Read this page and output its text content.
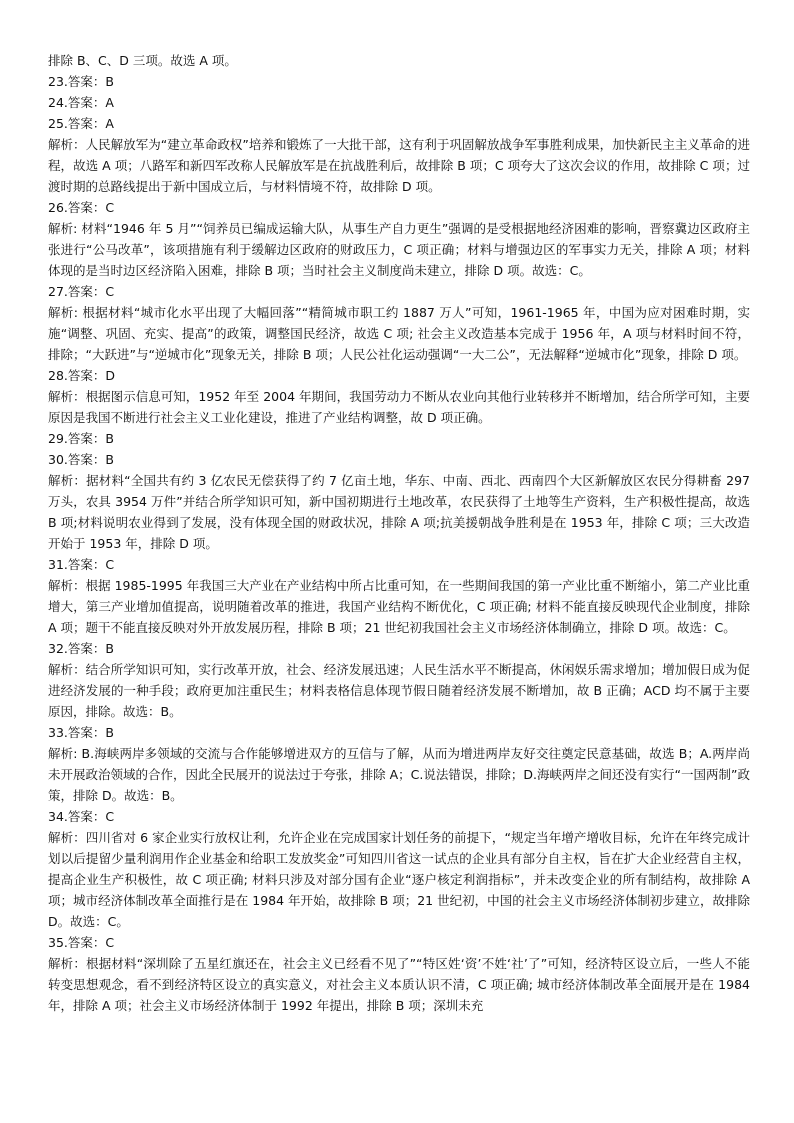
排除 B、C、D 三项。故选 A 项。

23.答案：B

24.答案：A

25.答案：A

解析：人民解放军为“建立革命政权”培养和锻炼了一大批干部，这有利于巩固解放战争军事胜利成果，加快新民主主义革命的进程，故选 A 项；八路军和新四军改称人民解放军是在抗战胜利后，故排除 B 项；C 项夸大了这次会议的作用，故排除 C 项；过渡时期的总路线提出于新中国成立后，与材料情境不符，故排除 D 项。

26.答案：C

解析: 材料“1946 年 5 月”“饲养员已编成运输大队，从事生产自力更生”强调的是受根据地经济困难的影响，晋察冀边区政府主张进行“公马改革”，该项措施有利于缓解边区政府的财政压力，C 项正确；材料与增强边区的军事实力无关，排除 A 项；材料体现的是当时边区经济陷入困难，排除 B 项；当时社会主义制度尚未建立，排除 D 项。故选：C。

27.答案：C

解析: 根据材料“城市化水平出现了大幅回落”“精简城市职工约 1887 万人”可知，1961-1965 年，中国为应对困难时期，实施“调整、巩固、充实、提高”的政策，调整国民经济，故选 C 项; 社会主义改造基本完成于 1956 年，A 项与材料时间不符，排除；“大跃进”与“逆城市化”现象无关，排除 B 项；人民公社化运动强调“一大二公”，无法解释“逆城市化”现象，排除 D 项。

28.答案：D

解析：根据图示信息可知，1952 年至 2004 年期间，我国劳动力不断从农业向其他行业转移并不断增加，结合所学可知，主要原因是我国不断进行社会主义工业化建设，推进了产业结构调整，故 D 项正确。

29.答案：B

30.答案：B

解析：据材料“全国共有约 3 亿农民无偿获得了约 7 亿亩土地，华东、中南、西北、西南四个大区新解放区农民分得耕畜 297 万头，农具 3954 万件”并结合所学知识可知，新中国初期进行土地改革，农民获得了土地等生产资料，生产积极性提高，故选 B 项;材料说明农业得到了发展，没有体现全国的财政状况，排除 A 项;抗美援朝战争胜利是在 1953 年，排除 C 项；三大改造开始于 1953 年，排除 D 项。

31.答案：C

解析：根据 1985-1995 年我国三大产业在产业结构中所占比重可知，在一些期间我国的第一产业比重不断缩小，第二产业比重增大，第三产业增加值提高，说明随着改革的推进，我国产业结构不断优化，C 项正确; 材料不能直接反映现代企业制度，排除 A 项；题干不能直接反映对外开放发展历程，排除 B 项；21 世纪初我国社会主义市场经济体制确立，排除 D 项。故选：C。

32.答案：B

解析：结合所学知识可知，实行改革开放，社会、经济发展迅速；人民生活水平不断提高，休闲娱乐需求增加；增加假日成为促进经济发展的一种手段；政府更加注重民生；材料表格信息体现节假日随着经济发展不断增加，故 B 正确；ACD 均不属于主要原因，排除。故选：B。

33.答案：B

解析: B.海峡两岸多领域的交流与合作能够增进双方的互信与了解，从而为增进两岸友好交往奠定民意基础，故选 B；A.两岸尚未开展政治领域的合作，因此全民展开的说法过于夸张，排除 A；C.说法错误，排除；D.海峡两岸之间还没有实行“一国两制”政策，排除 D。故选：B。

34.答案：C

解析：四川省对 6 家企业实行放权让利，允许企业在完成国家计划任务的前提下，“规定当年增产增收目标，允许在年终完成计划以后提留少量利润用作企业基金和给职工发放奖金”可知四川省这一试点的企业具有部分自主权，旨在扩大企业经营自主权，提高企业生产积极性，故 C 项正确; 材料只涉及对部分国有企业“逐户核定利润指标”，并未改变企业的所有制结构，故排除 A 项；城市经济体制改革全面推行是在 1984 年开始，故排除 B 项；21 世纪初，中国的社会主义市场经济体制初步建立，故排除 D。故选：C。

35.答案：C

解析：根据材料“深圳除了五星红旗还在，社会主义已经看不见了”“特区姓‘资’不姓‘社’了”可知，经济特区设立后，一些人不能转变思想观念，看不到经济特区设立的真实意义，对社会主义本质认识不清，C 项正确; 城市经济体制改革全面展开是在 1984 年，排除 A 项；社会主义市场经济体制于 1992 年提出，排除 B 项；深圳未充
